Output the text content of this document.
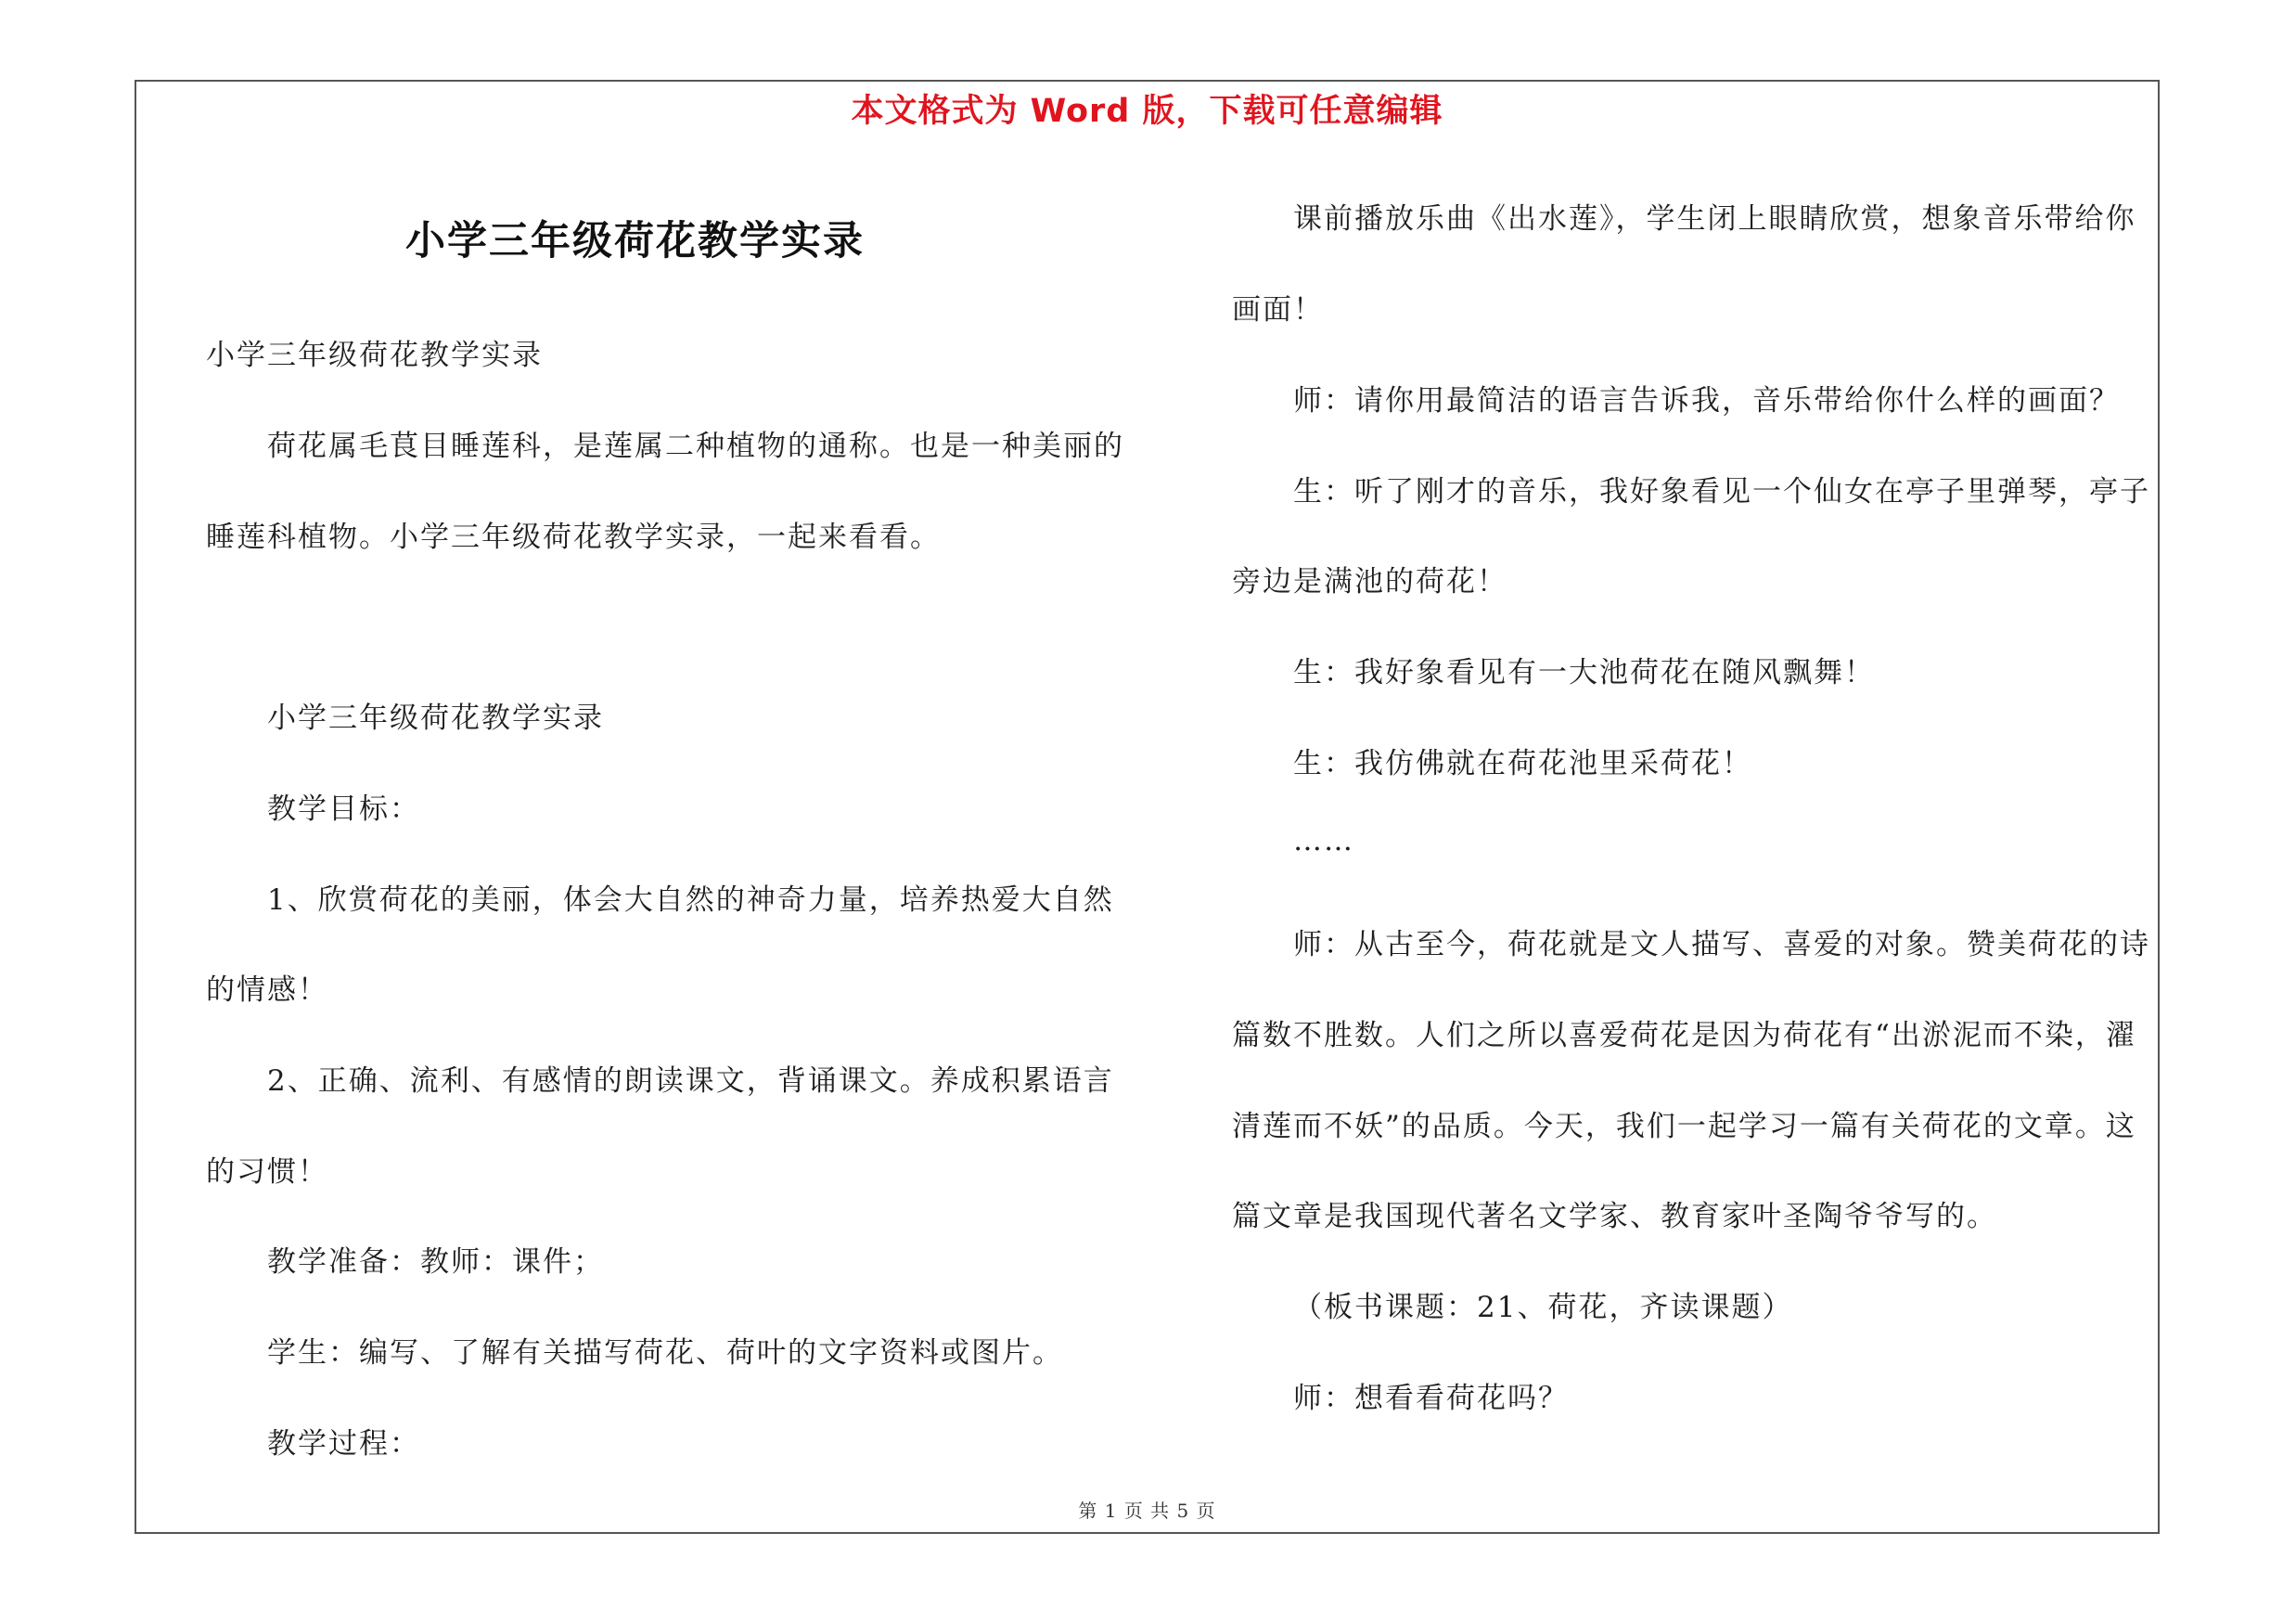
本文格式为 Word 版，下载可任意编辑
小学三年级荷花教学实录
小学三年级荷花教学实录
荷花属毛茛目睡莲科，是莲属二种植物的通称。也是一种美丽的
睡莲科植物。小学三年级荷花教学实录，一起来看看。
小学三年级荷花教学实录
教学目标：
1、欣赏荷花的美丽，体会大自然的神奇力量，培养热爱大自然
的情感！
2、正确、流利、有感情的朗读课文，背诵课文。养成积累语言
的习惯！
教学准备：教师：课件；
学生：编写、了解有关描写荷花、荷叶的文字资料或图片。
教学过程：
课前播放乐曲《出水莲》，学生闭上眼睛欣赏，想象音乐带给你
画面！
师：请你用最简洁的语言告诉我，音乐带给你什么样的画面？
生：听了刚才的音乐，我好象看见一个仙女在亭子里弹琴，亭子
旁边是满池的荷花！
生：我好象看见有一大池荷花在随风飘舞！
生：我仿佛就在荷花池里采荷花！
……
师：从古至今，荷花就是文人描写、喜爱的对象。赞美荷花的诗
篇数不胜数。人们之所以喜爱荷花是因为荷花有“出淤泥而不染，濯
清莲而不妖”的品质。今天，我们一起学习一篇有关荷花的文章。这
篇文章是我国现代著名文学家、教育家叶圣陶爷爷写的。
（板书课题：21、荷花，齐读课题）
师：想看看荷花吗？
第 1 页 共 5 页
